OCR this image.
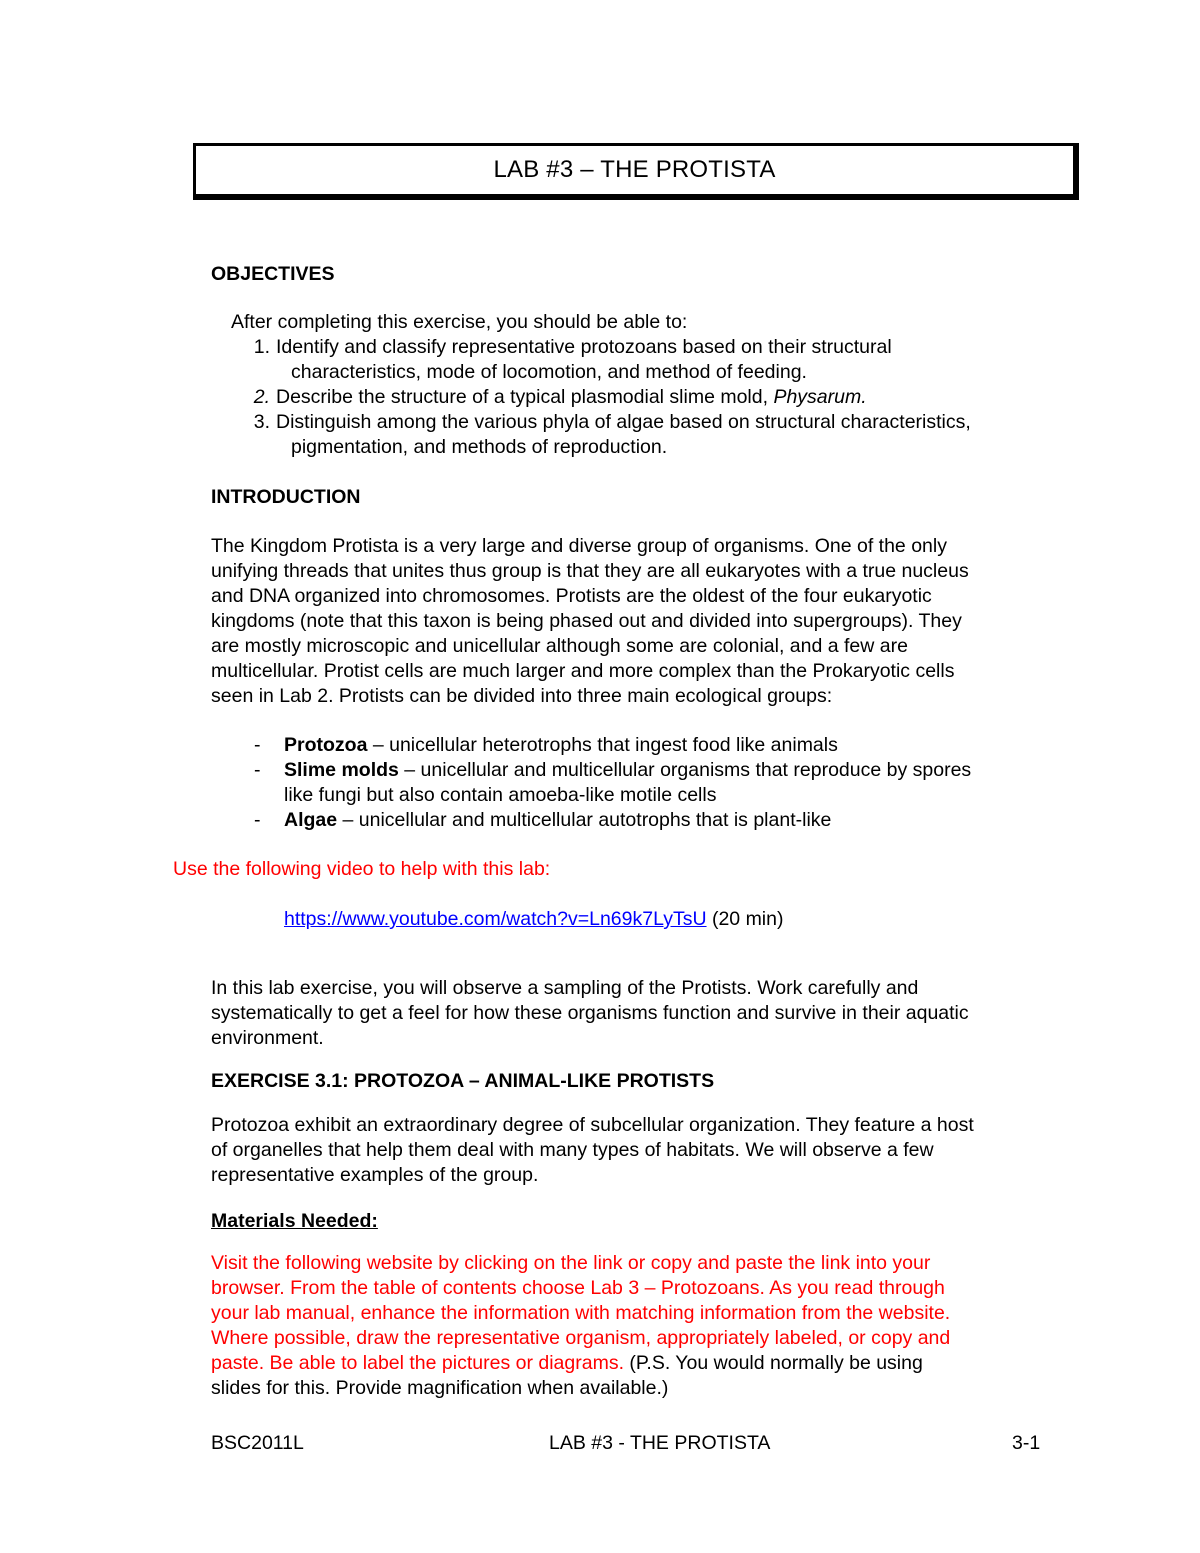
LAB #3 – THE PROTISTA
OBJECTIVES
After completing this exercise, you should be able to:
1. Identify and classify representative protozoans based on their structural
characteristics, mode of locomotion, and method of feeding.
2. Describe the structure of a typical plasmodial slime mold, Physarum.
3. Distinguish among the various phyla of algae based on structural characteristics,
pigmentation, and methods of reproduction.
INTRODUCTION
The Kingdom Protista is a very large and diverse group of organisms. One of the only
unifying threads that unites thus group is that they are all eukaryotes with a true nucleus
and DNA organized into chromosomes. Protists are the oldest of the four eukaryotic
kingdoms (note that this taxon is being phased out and divided into supergroups). They
are mostly microscopic and unicellular although some are colonial, and a few are
multicellular. Protist cells are much larger and more complex than the Prokaryotic cells
seen in Lab 2. Protists can be divided into three main ecological groups:
- Protozoa – unicellular heterotrophs that ingest food like animals
- Slime molds – unicellular and multicellular organisms that reproduce by spores
like fungi but also contain amoeba-like motile cells
- Algae – unicellular and multicellular autotrophs that is plant-like
Use the following video to help with this lab:
https://www.youtube.com/watch?v=Ln69k7LyTsU (20 min)
In this lab exercise, you will observe a sampling of the Protists. Work carefully and
systematically to get a feel for how these organisms function and survive in their aquatic
environment.
EXERCISE 3.1: PROTOZOA – ANIMAL-LIKE PROTISTS
Protozoa exhibit an extraordinary degree of subcellular organization. They feature a host
of organelles that help them deal with many types of habitats. We will observe a few
representative examples of the group.
Materials Needed:
Visit the following website by clicking on the link or copy and paste the link into your
browser. From the table of contents choose Lab 3 – Protozoans. As you read through
your lab manual, enhance the information with matching information from the website.
Where possible, draw the representative organism, appropriately labeled, or copy and
paste. Be able to label the pictures or diagrams. (P.S. You would normally be using
slides for this. Provide magnification when available.)
BSC2011L	LAB #3 - THE PROTISTA	3-1
